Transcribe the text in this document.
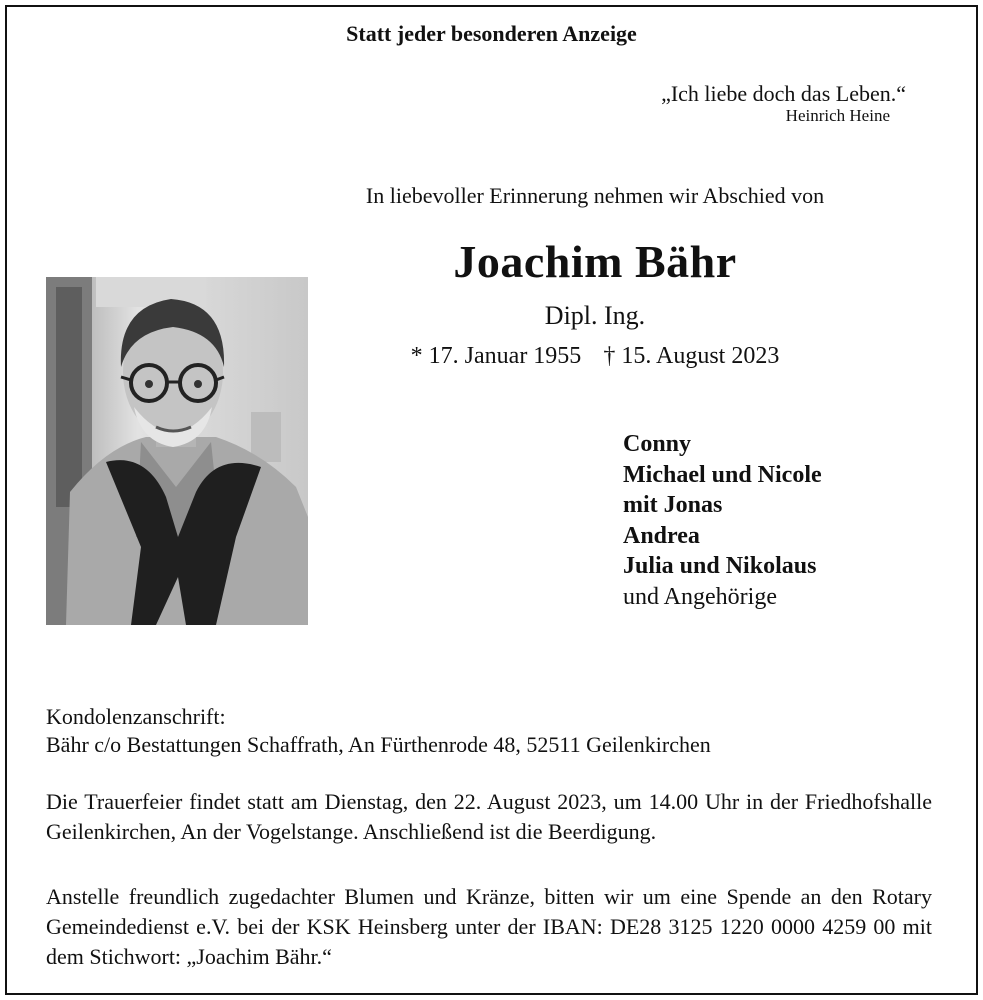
Statt jeder besonderen Anzeige
„Ich liebe doch das Leben.“
Heinrich Heine
In liebevoller Erinnerung nehmen wir Abschied von
Joachim Bähr
Dipl. Ing.
* 17. Januar 1955 † 15. August 2023
Conny
Michael und Nicole
mit Jonas
Andrea
Julia und Nikolaus
und Angehörige
Kondolenzanschrift:
Bähr c/o Bestattungen Schaffrath, An Fürthenrode 48, 52511 Geilenkirchen
Die Trauerfeier findet statt am Dienstag, den 22. August 2023, um 14.00 Uhr in der Friedhofshalle Geilenkirchen, An der Vogelstange. Anschließend ist die Beerdigung.
Anstelle freundlich zugedachter Blumen und Kränze, bitten wir um eine Spende an den Rotary Gemeindedienst e.V. bei der KSK Heinsberg unter der IBAN: DE28 3125 1220 0000 4259 00 mit dem Stichwort: „Joachim Bähr.“
